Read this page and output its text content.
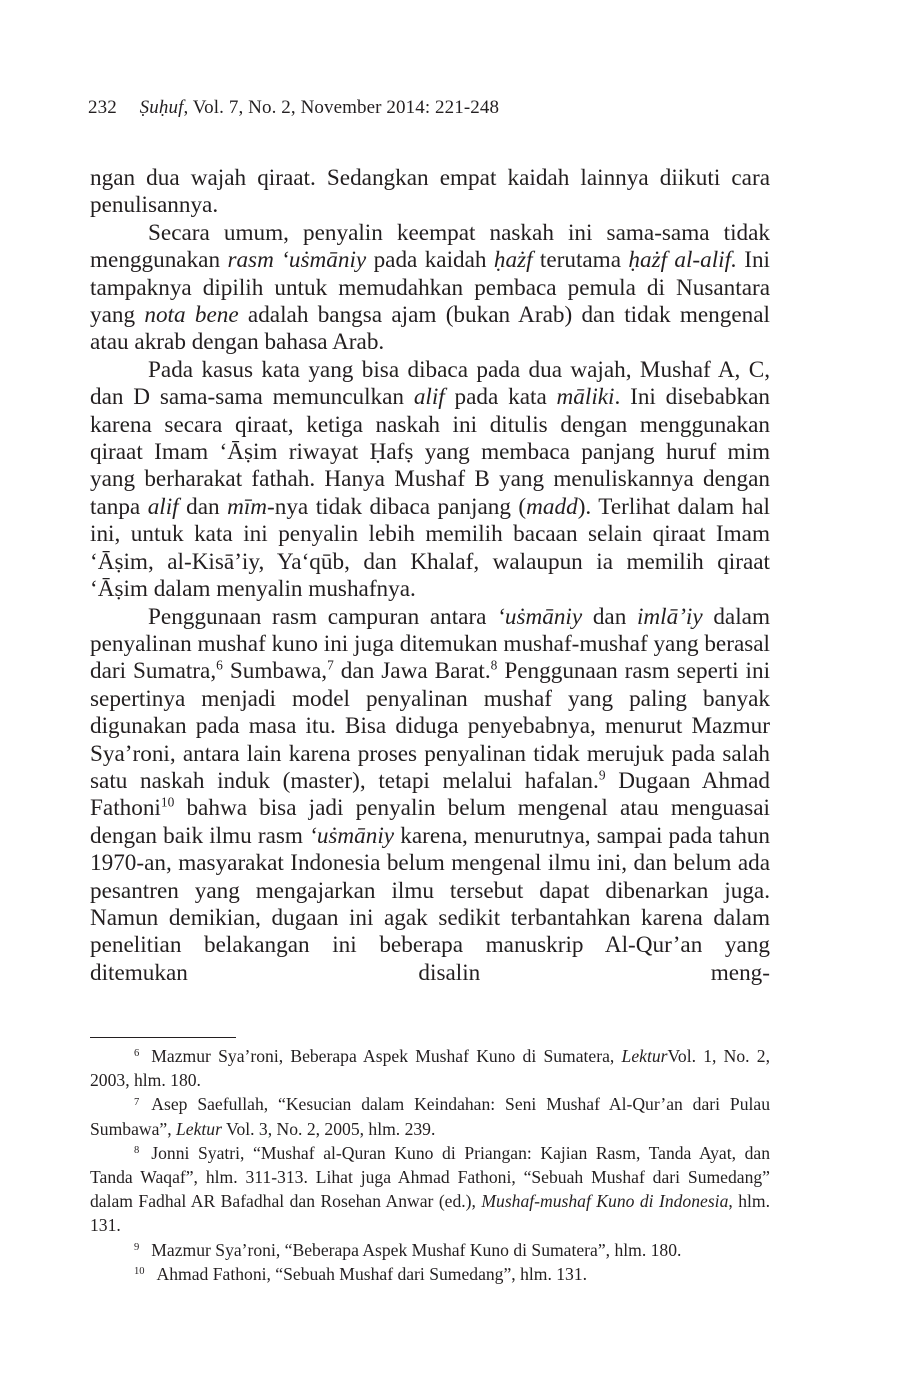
232 Ṣuḥuf, Vol. 7, No. 2, November 2014: 221-248

ngan dua wajah qiraat. Sedangkan empat kaidah lainnya diikuti cara penulisannya.

Secara umum, penyalin keempat naskah ini sama-sama tidak menggunakan rasm ‘uṡmāniy pada kaidah ḥażf terutama ḥażf al-alif. Ini tampaknya dipilih untuk memudahkan pembaca pemula di Nusantara yang nota bene adalah bangsa ajam (bukan Arab) dan tidak mengenal atau akrab dengan bahasa Arab.

Pada kasus kata yang bisa dibaca pada dua wajah, Mushaf A, C, dan D sama-sama memunculkan alif pada kata māliki. Ini disebabkan karena secara qiraat, ketiga naskah ini ditulis dengan menggunakan qiraat Imam ‘Āṣim riwayat Ḥafṣ yang membaca panjang huruf mim yang berharakat fathah. Hanya Mushaf B yang menuliskannya dengan tanpa alif dan mīm-nya tidak dibaca panjang (madd). Terlihat dalam hal ini, untuk kata ini penyalin lebih memilih bacaan selain qiraat Imam ‘Āṣim, al-Kisā’iy, Ya‘qūb, dan Khalaf, walaupun ia memilih qiraat ‘Āṣim dalam menyalin mushafnya.

Penggunaan rasm campuran antara ‘uṡmāniy dan imlā’iy dalam penyalinan mushaf kuno ini juga ditemukan mushaf-mushaf yang berasal dari Sumatra,$^6$ Sumbawa,$^7$ dan Jawa Barat.$^8$ Penggunaan rasm seperti ini sepertinya menjadi model penyalinan mushaf yang paling banyak digunakan pada masa itu. Bisa diduga penyebabnya, menurut Mazmur Sya’roni, antara lain karena proses penyalinan tidak merujuk pada salah satu naskah induk (master), tetapi melalui hafalan.$^9$ Dugaan Ahmad Fathoni$^{10}$ bahwa bisa jadi penyalin belum mengenal atau menguasai dengan baik ilmu rasm ‘uṡmāniy karena, menurutnya, sampai pada tahun 1970-an, masyarakat Indonesia belum mengenal ilmu ini, dan belum ada pesantren yang mengajarkan ilmu tersebut dapat dibenarkan juga. Namun demikian, dugaan ini agak sedikit terbantahkan karena dalam penelitian belakangan ini beberapa manuskrip Al-Qur’an yang ditemukan disalin meng-

$^6$ Mazmur Sya’roni, Beberapa Aspek Mushaf Kuno di Sumatera, LekturVol. 1, No. 2, 2003, hlm. 180.

$^7$ Asep Saefullah, “Kesucian dalam Keindahan: Seni Mushaf Al-Qur’an dari Pulau Sumbawa”, Lektur Vol. 3, No. 2, 2005, hlm. 239.

$^8$ Jonni Syatri, “Mushaf al-Quran Kuno di Priangan: Kajian Rasm, Tanda Ayat, dan Tanda Waqaf”, hlm. 311-313. Lihat juga Ahmad Fathoni, “Sebuah Mushaf dari Sumedang” dalam Fadhal AR Bafadhal dan Rosehan Anwar (ed.), Mushaf-mushaf Kuno di Indonesia, hlm. 131.

$^9$ Mazmur Sya’roni, “Beberapa Aspek Mushaf Kuno di Sumatera”, hlm. 180.

$^{10}$ Ahmad Fathoni, “Sebuah Mushaf dari Sumedang”, hlm. 131.
